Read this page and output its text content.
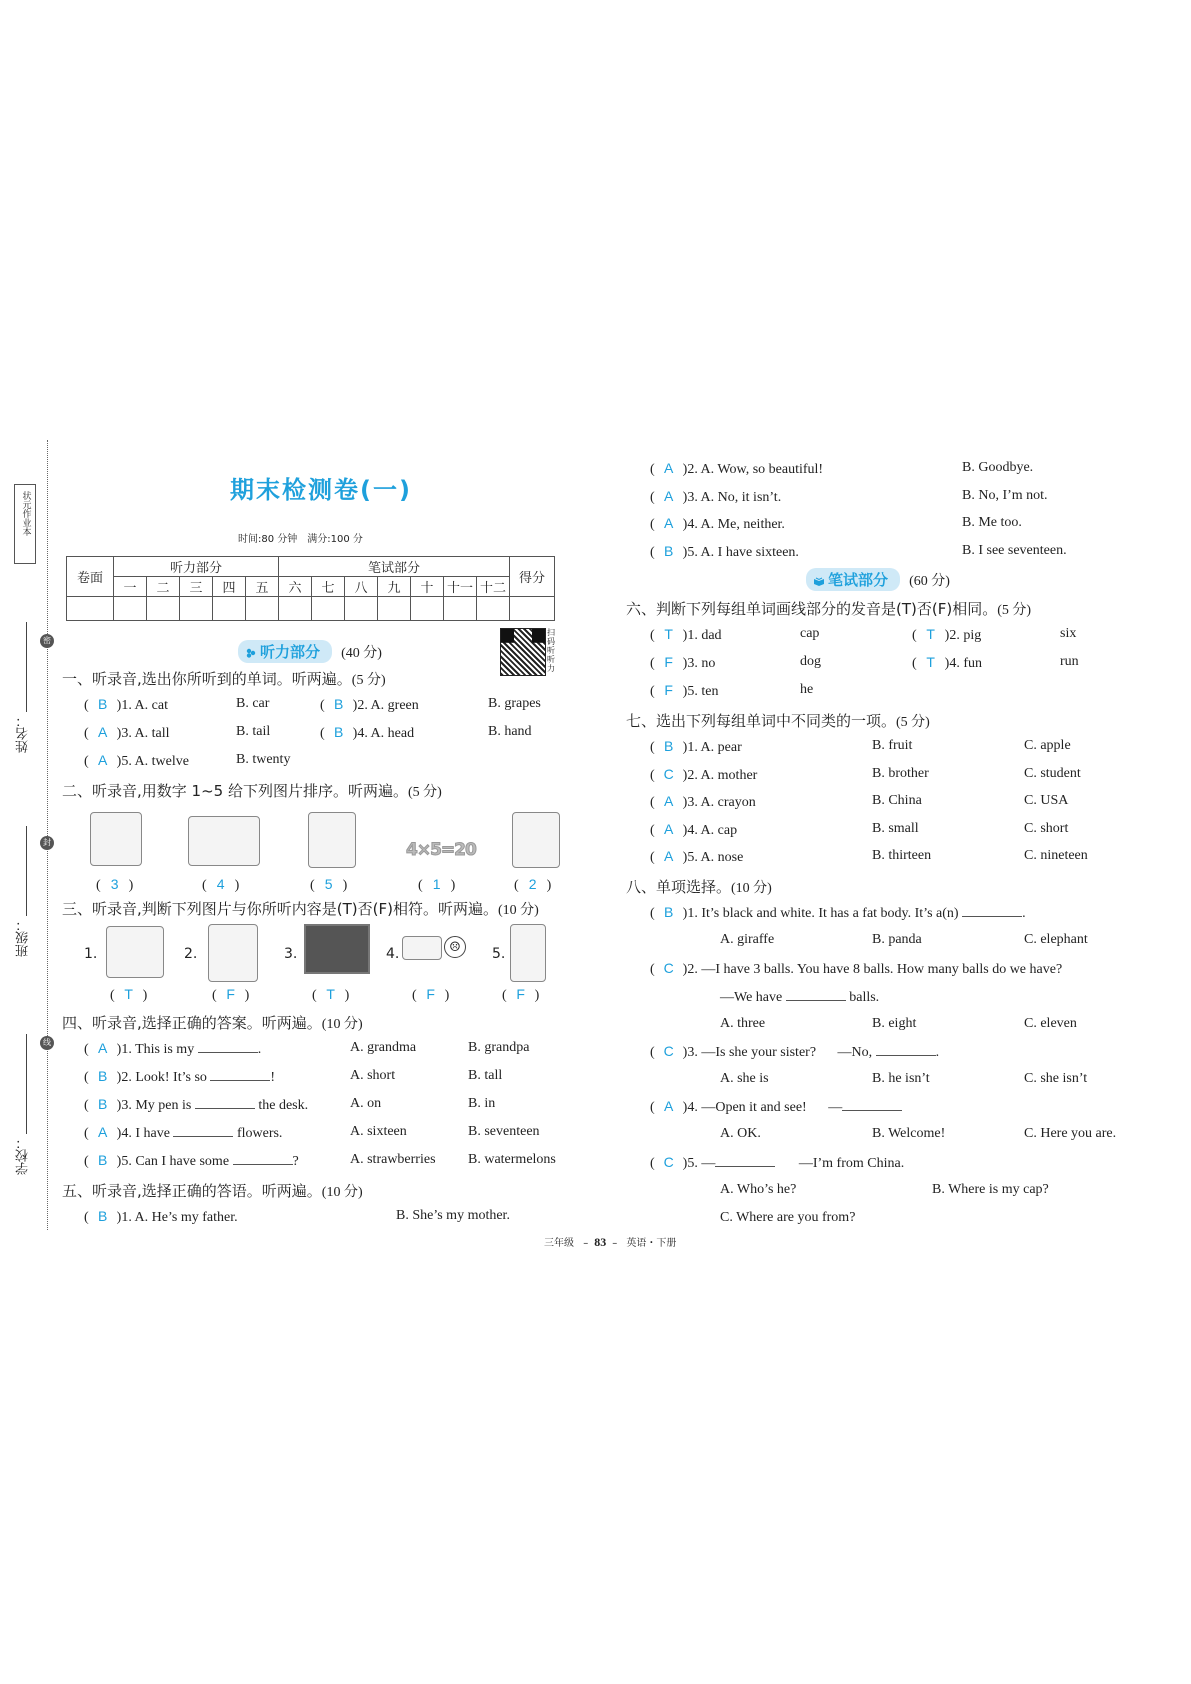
状元作业本
密
封
线
姓名：
班级：
学校：
期末检测卷(一)
时间:80 分钟　满分:100 分
卷面	听力部分					笔试部分							得分
	一	二	三	四	五	六	七	八	九	十	十一	十二	

听力部分 (40 分)
扫码听听力
一、听录音,选出你所听到的单词。听两遍。(5 分)
( B )1. A. cat	B. car	( B )2. A. green	B. grapes
( A )3. A. tall	B. tail	( B )4. A. head	B. hand
( A )5. A. twelve	B. twenty
二、听录音,用数字 1~5 给下列图片排序。听两遍。(5 分)
4×5=20
( 3 )	( 4 )	( 5 )	( 1 )	( 2 )
三、听录音,判断下列图片与你所听内容是(T)否(F)相符。听两遍。(10 分)
1.	2.	3.	4.	☹	5.
( T )	( F )	( T )	( F )	( F )
四、听录音,选择正确的答案。听两遍。(10 分)
( A )1. This is my	.	A. grandma	B. grandpa
( B )2. Look! It’s so	!	A. short	B. tall
( B )3. My pen is	the desk.	A. on	B. in
( A )4. I have	flowers.	A. sixteen	B. seventeen
( B )5. Can I have some	?	A. strawberries B. watermelons
五、听录音,选择正确的答语。听两遍。(10 分)
( B )1. A. He’s my father.	B. She’s my mother.
( A )2. A. Wow, so beautiful!	B. Goodbye.
( A )3. A. No, it isn’t.	B. No, I’m not.
( A )4. A. Me, neither.	B. Me too.
( B )5. A. I have sixteen.	B. I see seventeen.
笔试部分 (60 分)
六、判断下列每组单词画线部分的发音是(T)否(F)相同。(5 分)
( T )1. dad	cap	( T )2. pig	six
( F )3. no	dog	( T )4. fun	run
( F )5. ten	he
七、选出下列每组单词中不同类的一项。(5 分)
( B )1. A. pear	B. fruit	C. apple
( C )2. A. mother	B. brother	C. student
( A )3. A. crayon	B. China	C. USA
( A )4. A. cap	B. small	C. short
( A )5. A. nose	B. thirteen	C. nineteen
八、单项选择。(10 分)
( B )1. It’s black and white. It has a fat body. It’s a(n)	.
A. giraffe	B. panda	C. elephant
( C )2. —I have 3 balls. You have 8 balls. How many balls do we have?
—We have	balls.
A. three	B. eight	C. eleven
( C )3. —Is she your sister? —No,	.
A. she is	B. he isn’t	C. she isn’t
( A )4. —Open it and see! —
A. OK.	B. Welcome!	C. Here you are.
( C )5. —	—I’m from China.
A. Who’s he?	B. Where is my cap?
C. Where are you from?
三年级 – 83 – 英语・下册
